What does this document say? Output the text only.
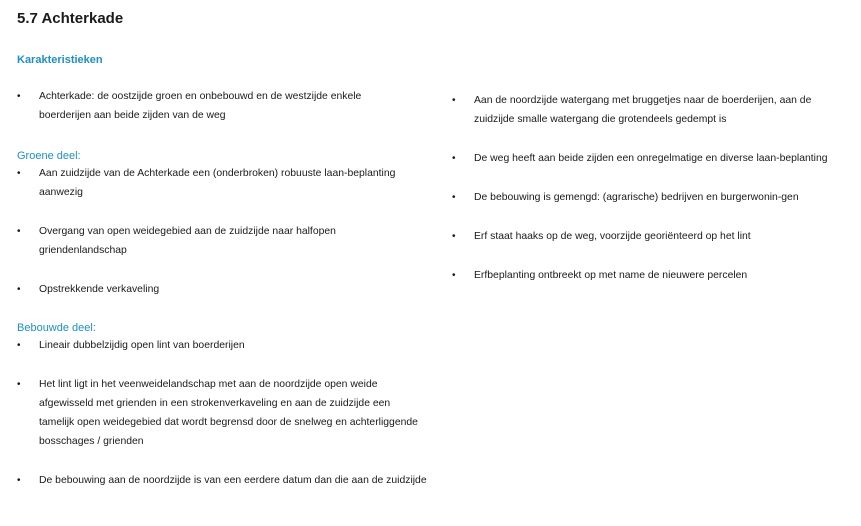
5.7 Achterkade
Karakteristieken
• Achterkade: de oostzijde groen en onbebouwd en de westzijde enkele boerderijen aan beide zijden van de weg

Groene deel:

• Aan zuidzijde van de Achterkade een (onderbroken) robuuste laan-beplanting aanwezig
• Overgang van open weidegebied aan de zuidzijde naar halfopen griendenlandschap
• Opstrekkende verkaveling

Bebouwde deel:

• Lineair dubbelzijdig open lint van boerderijen
• Het lint ligt in het veenweidelandschap met aan de noordzijde open weide afgewisseld met grienden in een strokenverkaveling en aan de zuidzijde een tamelijk open weidegebied dat wordt begrensd door de snelweg en achterliggende bosschages / grienden
• De bebouwing aan de noordzijde is van een eerdere datum dan die aan de zuidzijde
• Aan de noordzijde watergang met bruggetjes naar de boerderijen, aan de zuidzijde smalle watergang die grotendeels gedempt is
• De weg heeft aan beide zijden een onregelmatige en diverse laan-beplanting
• De bebouwing is gemengd: (agrarische) bedrijven en burgerwonin-gen
• Erf staat haaks op de weg, voorzijde georiënteerd op het lint
• Erfbeplanting ontbreekt op met name de nieuwere percelen
